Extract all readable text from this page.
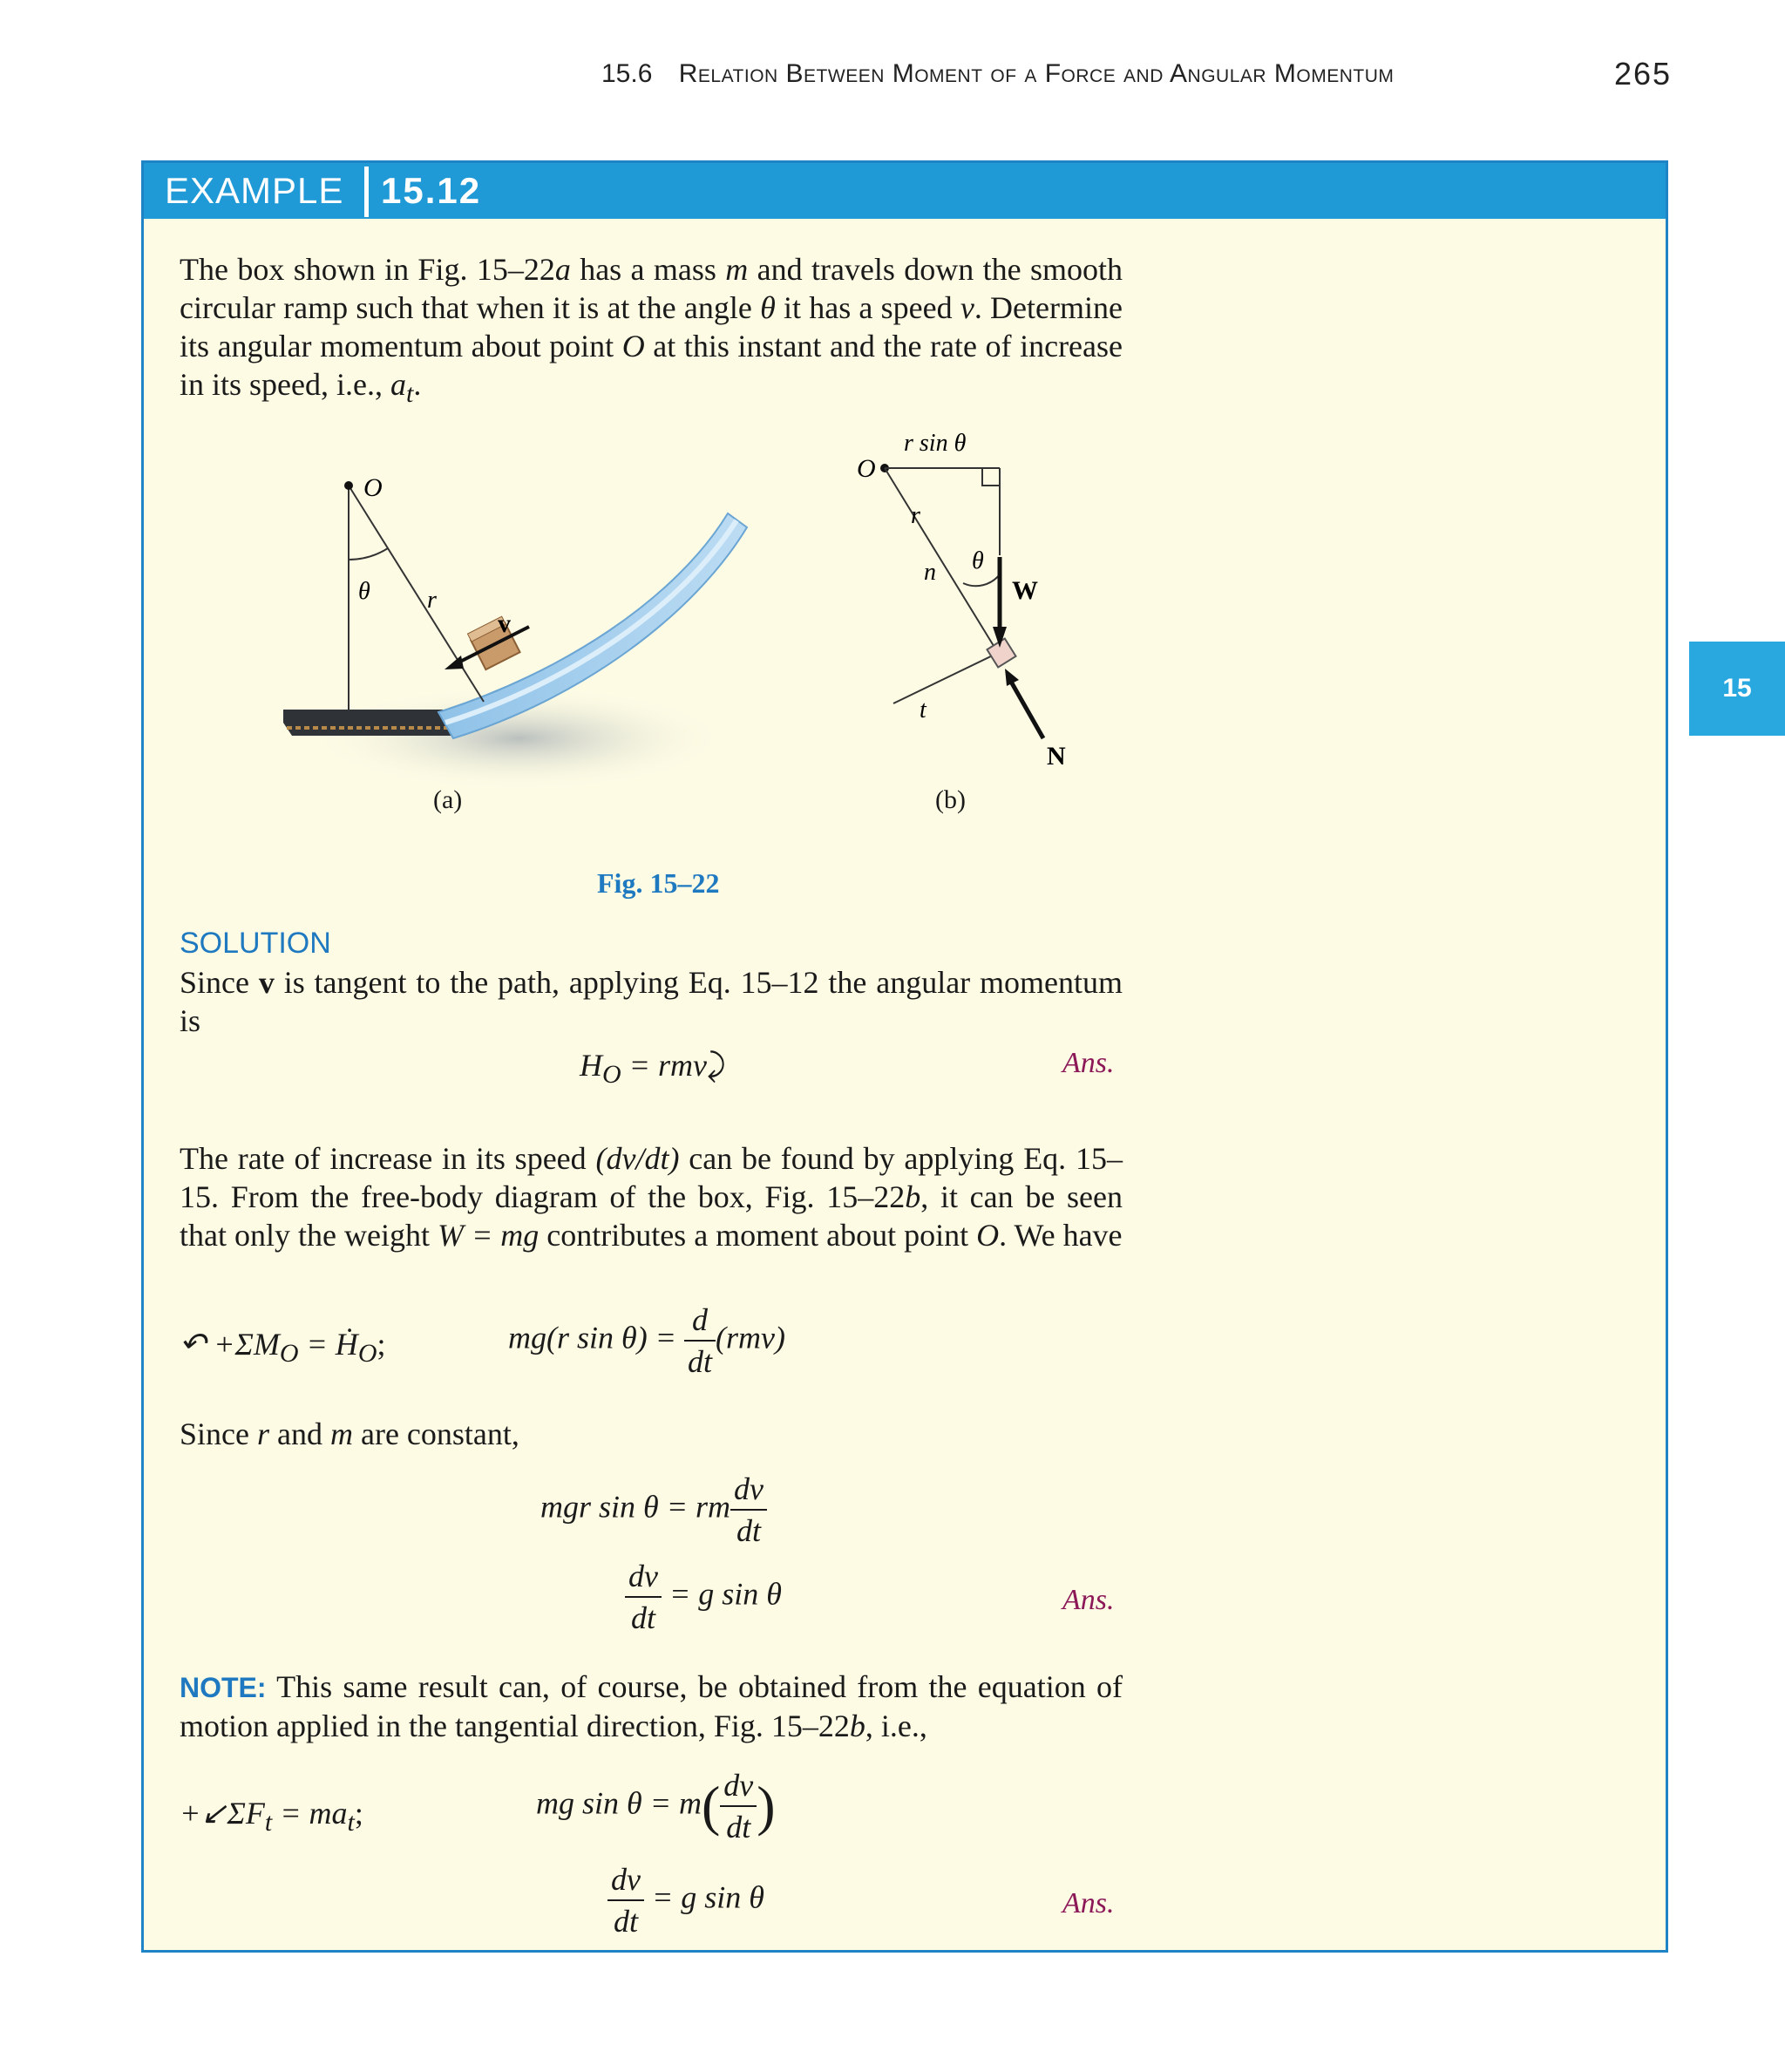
15.6 Relation Between Moment of a Force and Angular Momentum	265
15
EXAMPLE 15.12

The box shown in Fig. 15–22a has a mass m and travels down the smooth circular ramp such that when it is at the angle θ it has a speed v. Determine its angular momentum about point O at this instant and the rate of increase in its speed, i.e., $a_t$.

O
θ r
v
(a)
O
r sin θ
r
n θ
W
t
N
(b)
Fig. 15–22
SOLUTION

Since v is tangent to the path, applying Eq. 15–12 the angular momentum is

$H_O$ = rmv⤸	Ans.

The rate of increase in its speed (dv/dt) can be found by applying Eq. 15–15. From the free-body diagram of the box, Fig. 15–22b, it can be seen that only the weight W = mg contributes a moment about point O. We have

↶ $+\Sigma M_O$ = Ḣ$_O$;	mg(r $\sin \theta) = \frac{d}{dt} (rmv)$

Since r and m are constant,

mgr sin θ = rm $\frac{dv}{dt}$
$\frac{dv}{dt} = g$ sin θ	Ans.

NOTE: This same result can, of course, be obtained from the equation of motion applied in the tangential direction, Fig. 15–22b, i.e.,

$+↙\Sigma F_t = ma_t$;	mg $\sin \theta = m( \frac{dv}{dt}$ )
$\frac{dv}{dt} = g$ sin θ	Ans.
